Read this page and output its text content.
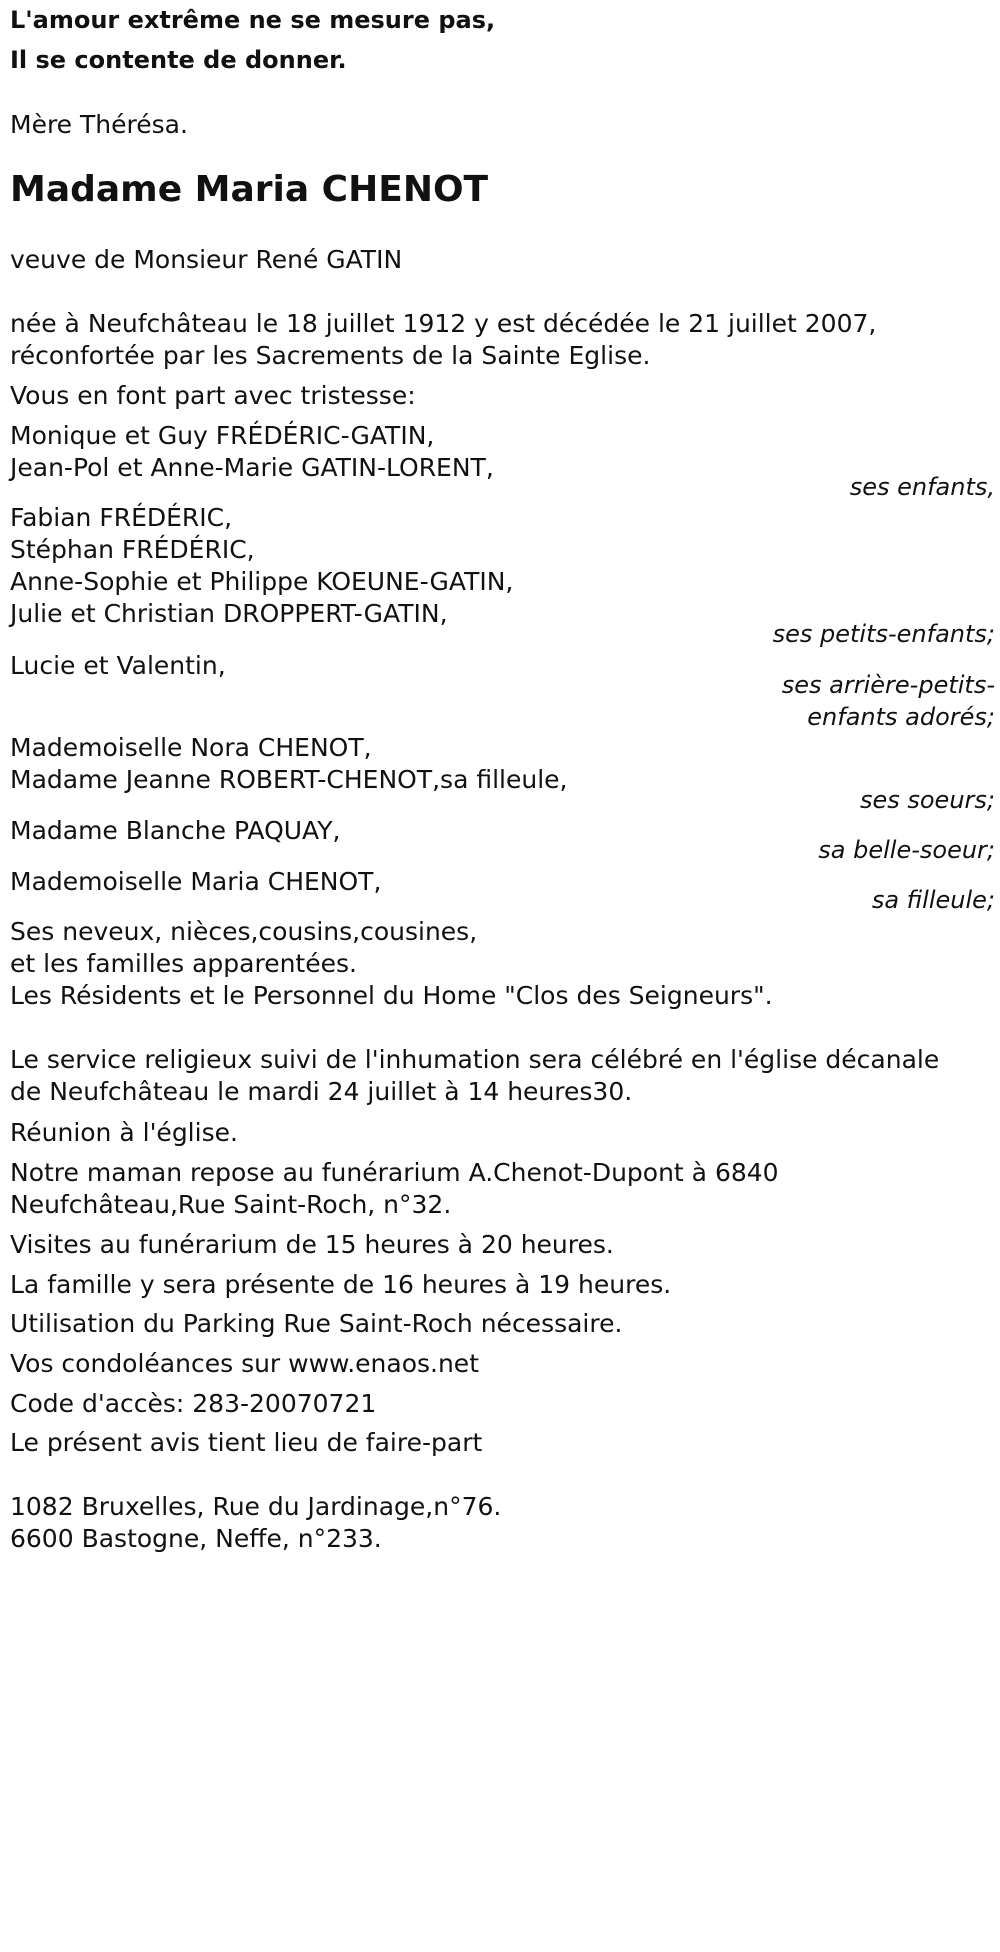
L'amour extrême ne se mesure pas,
Il se contente de donner.
Mère Thérésa.
Madame Maria CHENOT
veuve de Monsieur René GATIN
née à Neufchâteau le 18 juillet 1912 y est décédée le 21 juillet 2007,
réconfortée par les Sacrements de la Sainte Eglise.
Vous en font part avec tristesse:
Monique et Guy FRÉDÉRIC-GATIN,
Jean-Pol et Anne-Marie GATIN-LORENT,
ses enfants,
Fabian FRÉDÉRIC,
Stéphan FRÉDÉRIC,
Anne-Sophie et Philippe KOEUNE-GATIN,
Julie et Christian DROPPERT-GATIN,
ses petits-enfants;
Lucie et Valentin,
ses arrière-petits-
enfants adorés;
Mademoiselle Nora CHENOT,
Madame Jeanne ROBERT-CHENOT,sa filleule,
ses soeurs;
Madame Blanche PAQUAY,
sa belle-soeur;
Mademoiselle Maria CHENOT,
sa filleule;
Ses neveux, nièces,cousins,cousines,
et les familles apparentées.
Les Résidents et le Personnel du Home "Clos des Seigneurs".
Le service religieux suivi de l'inhumation sera célébré en l'église décanale
de Neufchâteau le mardi 24 juillet à 14 heures30.
Réunion à l'église.
Notre maman repose au funérarium A.Chenot-Dupont à 6840
Neufchâteau,Rue Saint-Roch, n°32.
Visites au funérarium de 15 heures à 20 heures.
La famille y sera présente de 16 heures à 19 heures.
Utilisation du Parking Rue Saint-Roch nécessaire.
Vos condoléances sur www.enaos.net
Code d'accès: 283-20070721
Le présent avis tient lieu de faire-part
1082 Bruxelles, Rue du Jardinage,n°76.
6600 Bastogne, Neffe, n°233.
